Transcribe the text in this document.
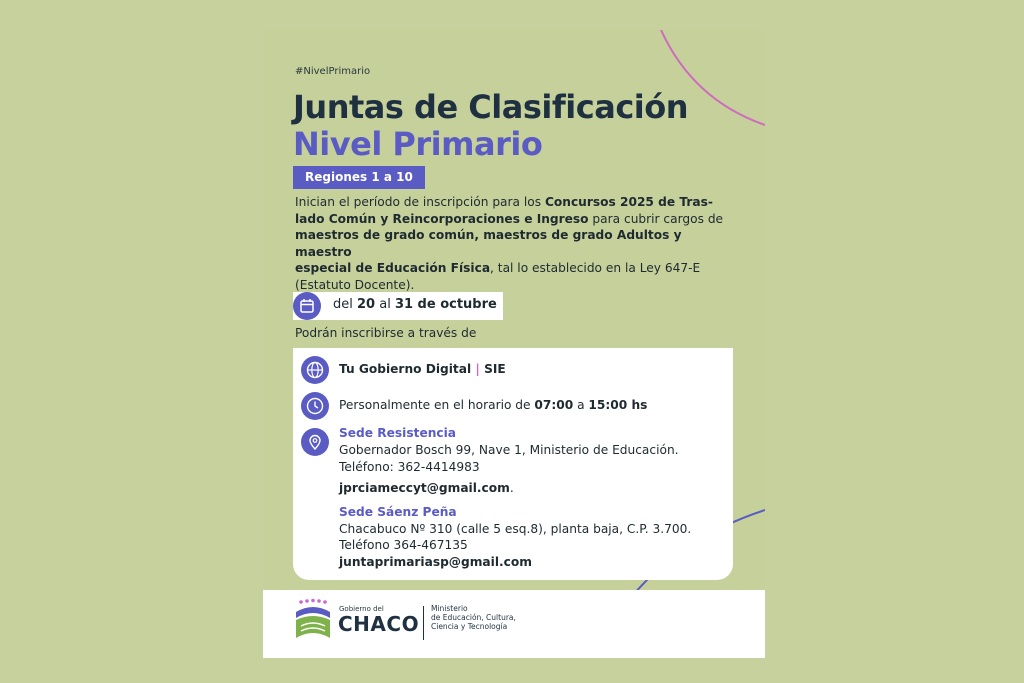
#NivelPrimario
Juntas de Clasificación
Nivel Primario
Regiones 1 a 10
Inician el período de inscripción para los Concursos 2025 de Tras-
lado Común y Reincorporaciones e Ingreso para cubrir cargos de
maestros de grado común, maestros de grado Adultos y maestro
especial de Educación Física, tal lo establecido en la Ley 647-E
(Estatuto Docente).
del 20 al 31 de octubre
Podrán inscribirse a través de
Tu Gobierno Digital | SIE
Personalmente en el horario de 07:00 a 15:00 hs
Sede Resistencia
Gobernador Bosch 99, Nave 1, Ministerio de Educación.
Teléfono: 362-4414983
jprciameccyt@gmail.com.
Sede Sáenz Peña
Chacabuco Nº 310 (calle 5 esq.8), planta baja, C.P. 3.700.
Teléfono 364-467135
juntaprimariasp@gmail.com
Gobierno del
CHACO
Ministerio
de Educación, Cultura,
Ciencia y Tecnología
